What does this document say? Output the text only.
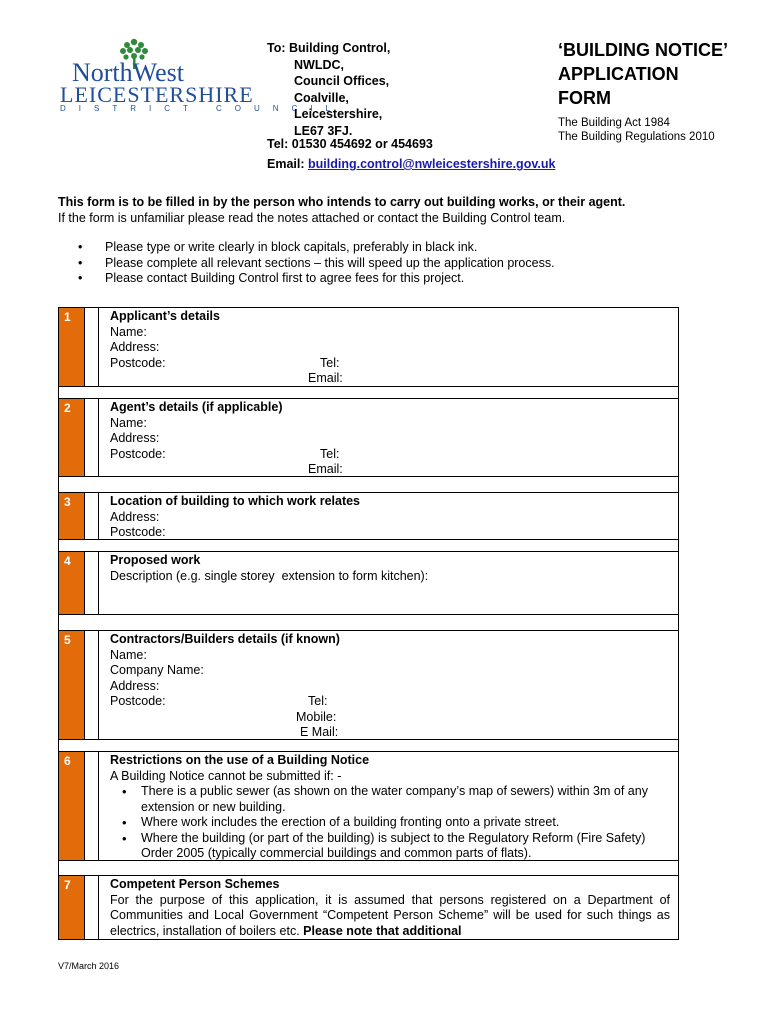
NorthWest
LEICESTERSHIRE
DISTRICT COUNCIL
To: Building Control,
NWLDC,
Council Offices,
Coalville,
Leicestershire,
LE67 3FJ.
Tel: 01530 454692 or 454693
Email: building.control@nwleicestershire.gov.uk
‘BUILDING NOTICE’
APPLICATION
FORM
The Building Act 1984
The Building Regulations 2010
This form is to be filled in by the person who intends to carry out building works, or their agent.
If the form is unfamiliar please read the notes attached or contact the Building Control team.
• Please type or write clearly in block capitals, preferably in black ink.
• Please complete all relevant sections – this will speed up the application process.
• Please contact Building Control first to agree fees for this project.
1	Applicant’s details
Name:
Address:
Postcode:	Tel:
Email:
2	Agent’s details (if applicable)
Name:
Address:
Postcode:	Tel:
Email:
3	Location of building to which work relates
Address:
Postcode:
4	Proposed work
Description (e.g. single storey  extension to form kitchen):
5	Contractors/Builders details (if known)
Name:
Company Name:
Address:
Postcode:	Tel:
Mobile:
E Mail:
6	Restrictions on the use of a Building Notice
A Building Notice cannot be submitted if: -
• There is a public sewer (as shown on the water company’s map of sewers) within 3m of any extension or new building.
• Where work includes the erection of a building fronting onto a private street.
• Where the building (or part of the building) is subject to the Regulatory Reform (Fire Safety) Order 2005 (typically commercial buildings and common parts of flats).
7	Competent Person Schemes
For the purpose of this application, it is assumed that persons registered on a Department of Communities and Local Government “Competent Person Scheme” will be used for such things as electrics, installation of boilers etc. Please note that additional
V7/March 2016
